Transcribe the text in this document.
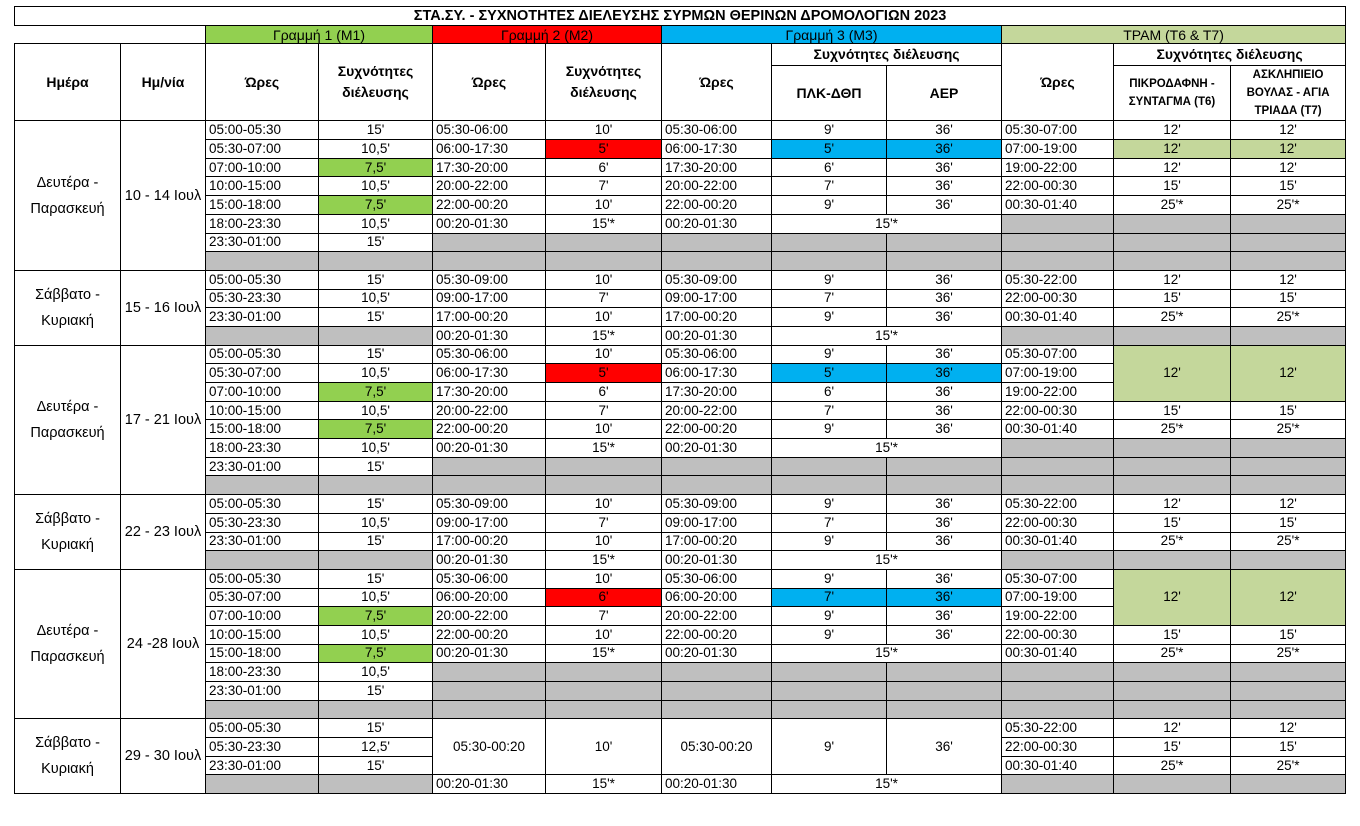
ΣΤΑ.ΣΥ. - ΣΥΧΝΟΤΗΤΕΣ ΔΙΕΛΕΥΣΗΣ ΣΥΡΜΩΝ ΘΕΡΙΝΩΝ ΔΡΟΜΟΛΟΓΙΩΝ 2023											
		Γραμμή 1 (Μ1)		Γραμμή 2 (Μ2)		Γραμμή 3 (Μ3)			ΤΡΑΜ (Τ6 & Τ7)		
Ημέρα	Ημ/νία	Ώρες	Συχνότητες διέλευσης	Ώρες	Συχνότητες διέλευσης	Ώρες	Συχνότητες διέλευσης		Ώρες	Συχνότητες διέλευσης	
							ΠΛΚ-ΔΘΠ	ΑΕΡ		ΠΙΚΡΟΔΑΦΝΗ - ΣΥΝΤΑΓΜΑ (Τ6)	ΑΣΚΛΗΠΙΕΙΟ ΒΟΥΛΑΣ - ΑΓΙΑ ΤΡΙΑΔΑ (Τ7)
Δευτέρα - Παρασκευή	10 - 14 Ιουλ	05:00-05:30	15'	05:30-06:00	10'	05:30-06:00	9'	36'	05:30-07:00	12'	12'
		05:30-07:00	10,5'	06:00-17:30	5'	06:00-17:30	5'	36'	07:00-19:00	12'	12'
		07:00-10:00	7,5'	17:30-20:00	6'	17:30-20:00	6'	36'	19:00-22:00	12'	12'
		10:00-15:00	10,5'	20:00-22:00	7'	20:00-22:00	7'	36'	22:00-00:30	15'	15'
		15:00-18:00	7,5'	22:00-00:20	10'	22:00-00:20	9'	36'	00:30-01:40	25'*	25'*
		18:00-23:30	10,5'	00:20-01:30	15'*	00:20-01:30	15'*				
		23:30-01:00	15'								

Σάββατο - Κυριακή	15 - 16 Ιουλ	05:00-05:30	15'	05:30-09:00	10'	05:30-09:00	9'	36'	05:30-22:00	12'	12'
		05:30-23:30	10,5'	09:00-17:00	7'	09:00-17:00	7'	36'	22:00-00:30	15'	15'
		23:30-01:00	15'	17:00-00:20	10'	17:00-00:20	9'	36'	00:30-01:40	25'*	25'*
				00:20-01:30	15'*	00:20-01:30	15'*				
Δευτέρα - Παρασκευή	17 - 21 Ιουλ	05:00-05:30	15'	05:30-06:00	10'	05:30-06:00	9'	36'	05:30-07:00	12'	12'
		05:30-07:00	10,5'	06:00-17:30	5'	06:00-17:30	5'	36'	07:00-19:00		
		07:00-10:00	7,5'	17:30-20:00	6'	17:30-20:00	6'	36'	19:00-22:00		
		10:00-15:00	10,5'	20:00-22:00	7'	20:00-22:00	7'	36'	22:00-00:30	15'	15'
		15:00-18:00	7,5'	22:00-00:20	10'	22:00-00:20	9'	36'	00:30-01:40	25'*	25'*
		18:00-23:30	10,5'	00:20-01:30	15'*	00:20-01:30	15'*				
		23:30-01:00	15'								

Σάββατο - Κυριακή	22 - 23 Ιουλ	05:00-05:30	15'	05:30-09:00	10'	05:30-09:00	9'	36'	05:30-22:00	12'	12'
		05:30-23:30	10,5'	09:00-17:00	7'	09:00-17:00	7'	36'	22:00-00:30	15'	15'
		23:30-01:00	15'	17:00-00:20	10'	17:00-00:20	9'	36'	00:30-01:40	25'*	25'*
				00:20-01:30	15'*	00:20-01:30	15'*				
Δευτέρα - Παρασκευή	24 -28 Ιουλ	05:00-05:30	15'	05:30-06:00	10'	05:30-06:00	9'	36'	05:30-07:00	12'	12'
		05:30-07:00	10,5'	06:00-20:00	6'	06:00-20:00	7'	36'	07:00-19:00		
		07:00-10:00	7,5'	20:00-22:00	7'	20:00-22:00	9'	36'	19:00-22:00		
		10:00-15:00	10,5'	22:00-00:20	10'	22:00-00:20	9'	36'	22:00-00:30	15'	15'
		15:00-18:00	7,5'	00:20-01:30	15'*	00:20-01:30	15'*		00:30-01:40	25'*	25'*
		18:00-23:30	10,5'								
		23:30-01:00	15'								

Σάββατο - Κυριακή	29 - 30 Ιουλ	05:00-05:30	15'	05:30-00:20	10'	05:30-00:20	9'	36'	05:30-22:00	12'	12'
		05:30-23:30	12,5'						22:00-00:30	15'	15'
		23:30-01:00	15'						00:30-01:40	25'*	25'*
				00:20-01:30	15'*	00:20-01:30	15'*				
